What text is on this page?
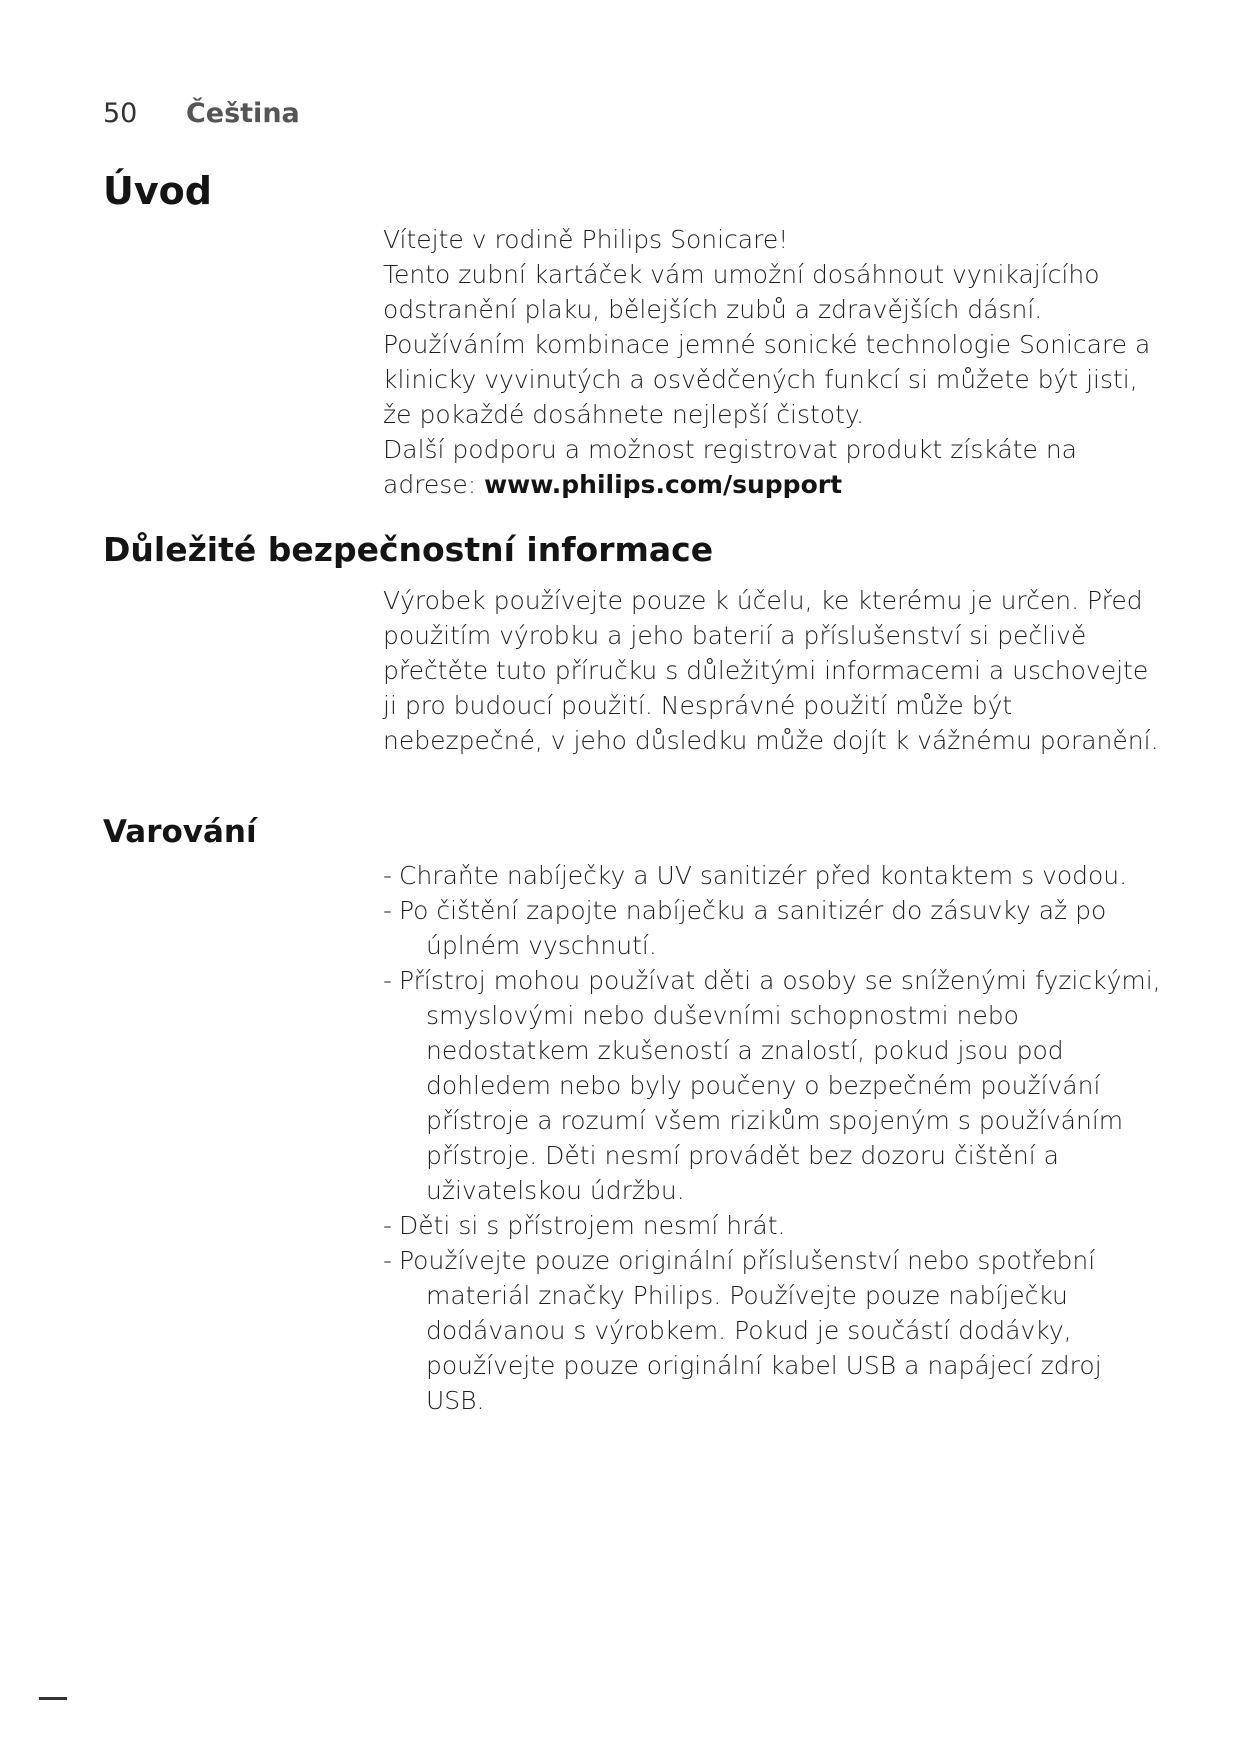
50 Čeština
Úvod

Vítejte v rodině Philips Sonicare!

Tento zubní kartáček vám umožní dosáhnout vynikajícího odstranění plaku, bělejších zubů a zdravějších dásní.

Používáním kombinace jemné sonické technologie Sonicare a klinicky vyvinutých a osvědčených funkcí si můžete být jisti, že pokaždé dosáhnete nejlepší čistoty.

Další podporu a možnost registrovat produkt získáte na

adrese: www.philips.com/support

Důležité bezpečnostní informace

Výrobek používejte pouze k účelu, ke kterému je určen. Před použitím výrobku a jeho baterií a příslušenství si pečlivě přečtěte tuto příručku s důležitými informacemi a uschovejte ji pro budoucí použití. Nesprávné použití může být nebezpečné, v jeho důsledku může dojít k vážnému poranění.

Varování
- Chraňte nabíječky a UV sanitizér před kontaktem s vodou.
- Po čištění zapojte nabíječku a sanitizér do zásuvky až po úplném vyschnutí.
- Přístroj mohou používat děti a osoby se sníženými fyzickými, smyslovými nebo duševními schopnostmi nebo nedostatkem zkušeností a znalostí, pokud jsou pod dohledem nebo byly poučeny o bezpečném používání přístroje a rozumí všem rizikům spojeným s používáním přístroje. Děti nesmí provádět bez dozoru čištění a uživatelskou údržbu.
- Děti si s přístrojem nesmí hrát.
- Používejte pouze originální příslušenství nebo spotřební materiál značky Philips. Používejte pouze nabíječku dodávanou s výrobkem. Pokud je součástí dodávky, používejte pouze originální kabel USB a napájecí zdroj USB.
